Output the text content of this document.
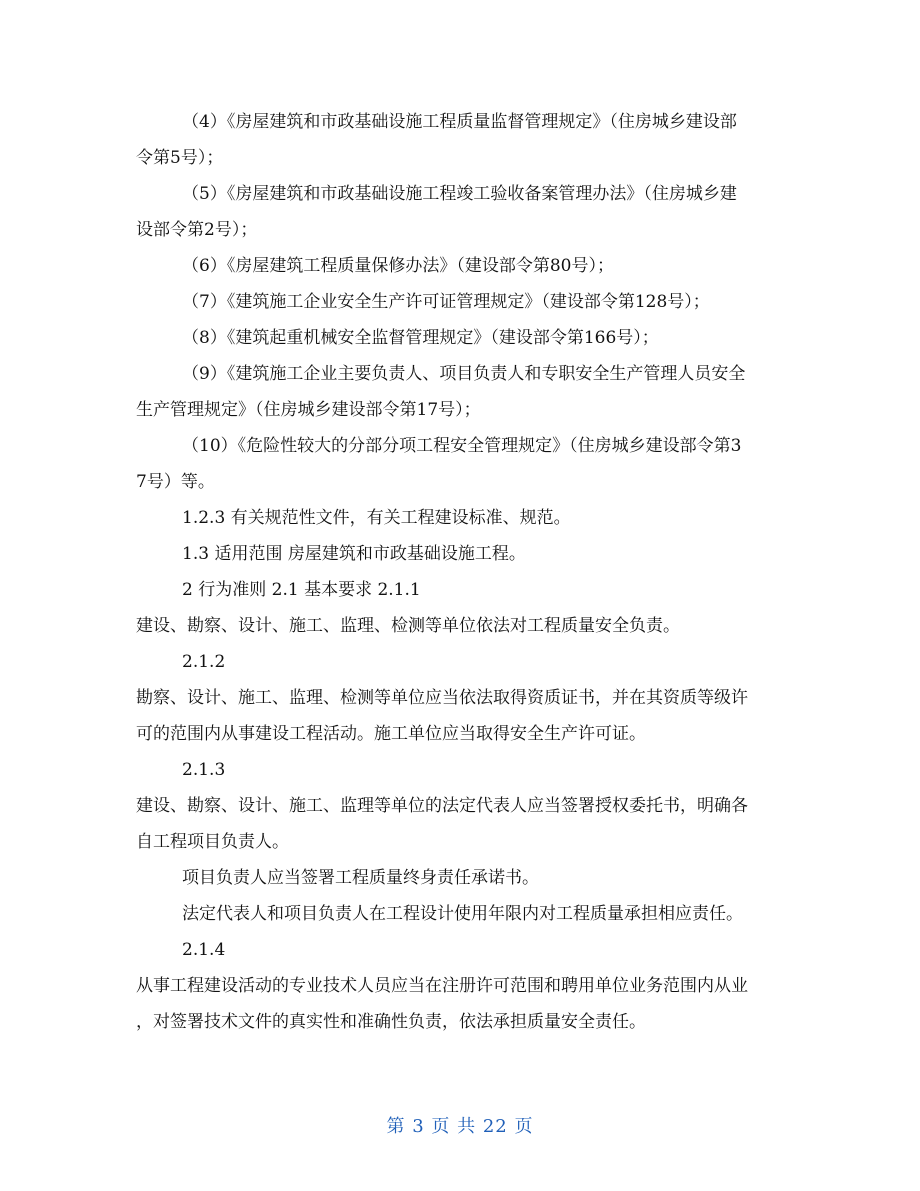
（4）《房屋建筑和市政基础设施工程质量监督管理规定》（住房城乡建设部

令第5号）；

（5）《房屋建筑和市政基础设施工程竣工验收备案管理办法》（住房城乡建

设部令第2号）；

（6）《房屋建筑工程质量保修办法》（建设部令第80号）；

（7）《建筑施工企业安全生产许可证管理规定》（建设部令第128号）；

（8）《建筑起重机械安全监督管理规定》（建设部令第166号）；

（9）《建筑施工企业主要负责人、项目负责人和专职安全生产管理人员安全

生产管理规定》（住房城乡建设部令第17号）；

（10）《危险性较大的分部分项工程安全管理规定》（住房城乡建设部令第3

7号）等。

1.2.3 有关规范性文件，有关工程建设标准、规范。

1.3 适用范围 房屋建筑和市政基础设施工程。

2 行为准则 2.1 基本要求 2.1.1

建设、勘察、设计、施工、监理、检测等单位依法对工程质量安全负责。

2.1.2

勘察、设计、施工、监理、检测等单位应当依法取得资质证书，并在其资质等级许

可的范围内从事建设工程活动。施工单位应当取得安全生产许可证。

2.1.3

建设、勘察、设计、施工、监理等单位的法定代表人应当签署授权委托书，明确各

自工程项目负责人。

项目负责人应当签署工程质量终身责任承诺书。

法定代表人和项目负责人在工程设计使用年限内对工程质量承担相应责任。

2.1.4

从事工程建设活动的专业技术人员应当在注册许可范围和聘用单位业务范围内从业

，对签署技术文件的真实性和准确性负责，依法承担质量安全责任。

第 3 页 共 22 页
